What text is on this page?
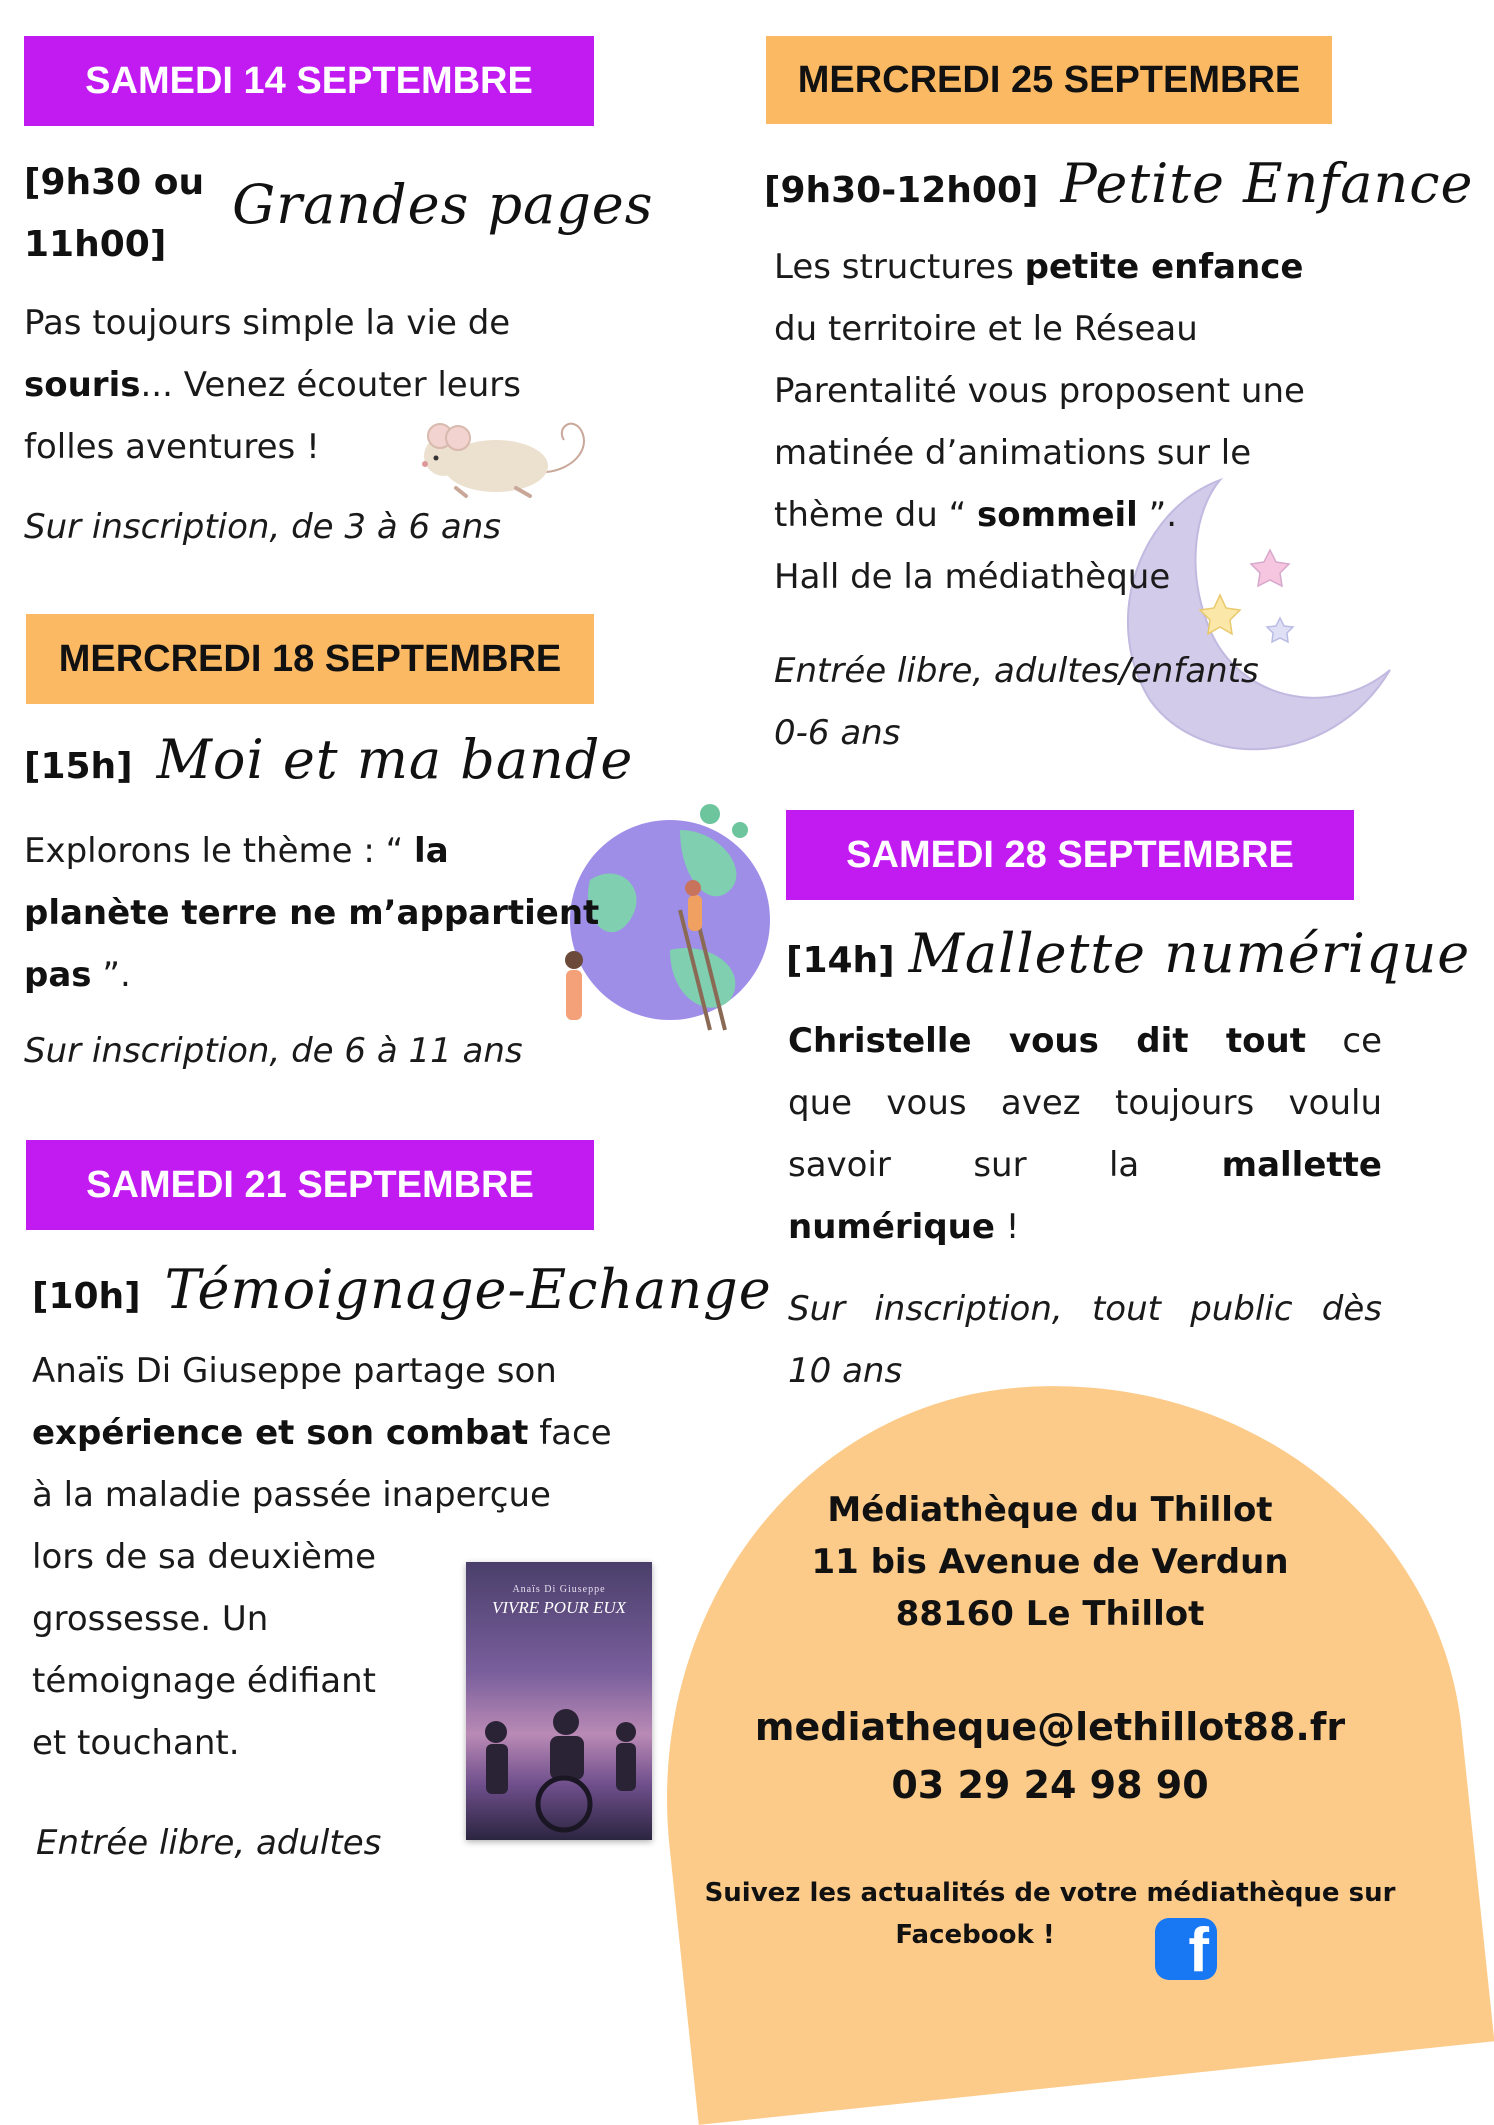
SAMEDI 14 SEPTEMBRE
[9h30 ou
11h00]
Grandes pages
Pas toujours simple la vie de
souris... Venez écouter leurs
folles aventures !
Sur inscription, de 3 à 6 ans
MERCREDI 18 SEPTEMBRE
[15h] Moi et ma bande
Explorons le thème : “ la
planète terre ne m’appartient
pas ”.
Sur inscription, de 6 à 11 ans
SAMEDI 21 SEPTEMBRE
[10h] Témoignage-Echange
Anaïs Di Giuseppe partage son
expérience et son combat face
à la maladie passée inaperçue
lors de sa deuxième
grossesse. Un
témoignage édifiant
et touchant.
Entrée libre, adultes
Anaïs Di Giuseppe
VIVRE POUR EUX
MERCREDI 25 SEPTEMBRE
[9h30-12h00] Petite Enfance
Les structures petite enfance
du territoire et le Réseau
Parentalité vous proposent une
matinée d’animations sur le
thème du “ sommeil ”.
Hall de la médiathèque
Entrée libre, adultes/enfants
0-6 ans
SAMEDI 28 SEPTEMBRE
[14h] Mallette numérique
Christelle vous dit tout ce
que vous avez toujours voulu
savoir sur la mallette
numérique !
Sur inscription, tout public dès
10 ans
Médiathèque du Thillot
11 bis Avenue de Verdun
88160 Le Thillot
mediatheque@lethillot88.fr
03 29 24 98 90
Suivez les actualités de votre médiathèque sur
Facebook !	f
